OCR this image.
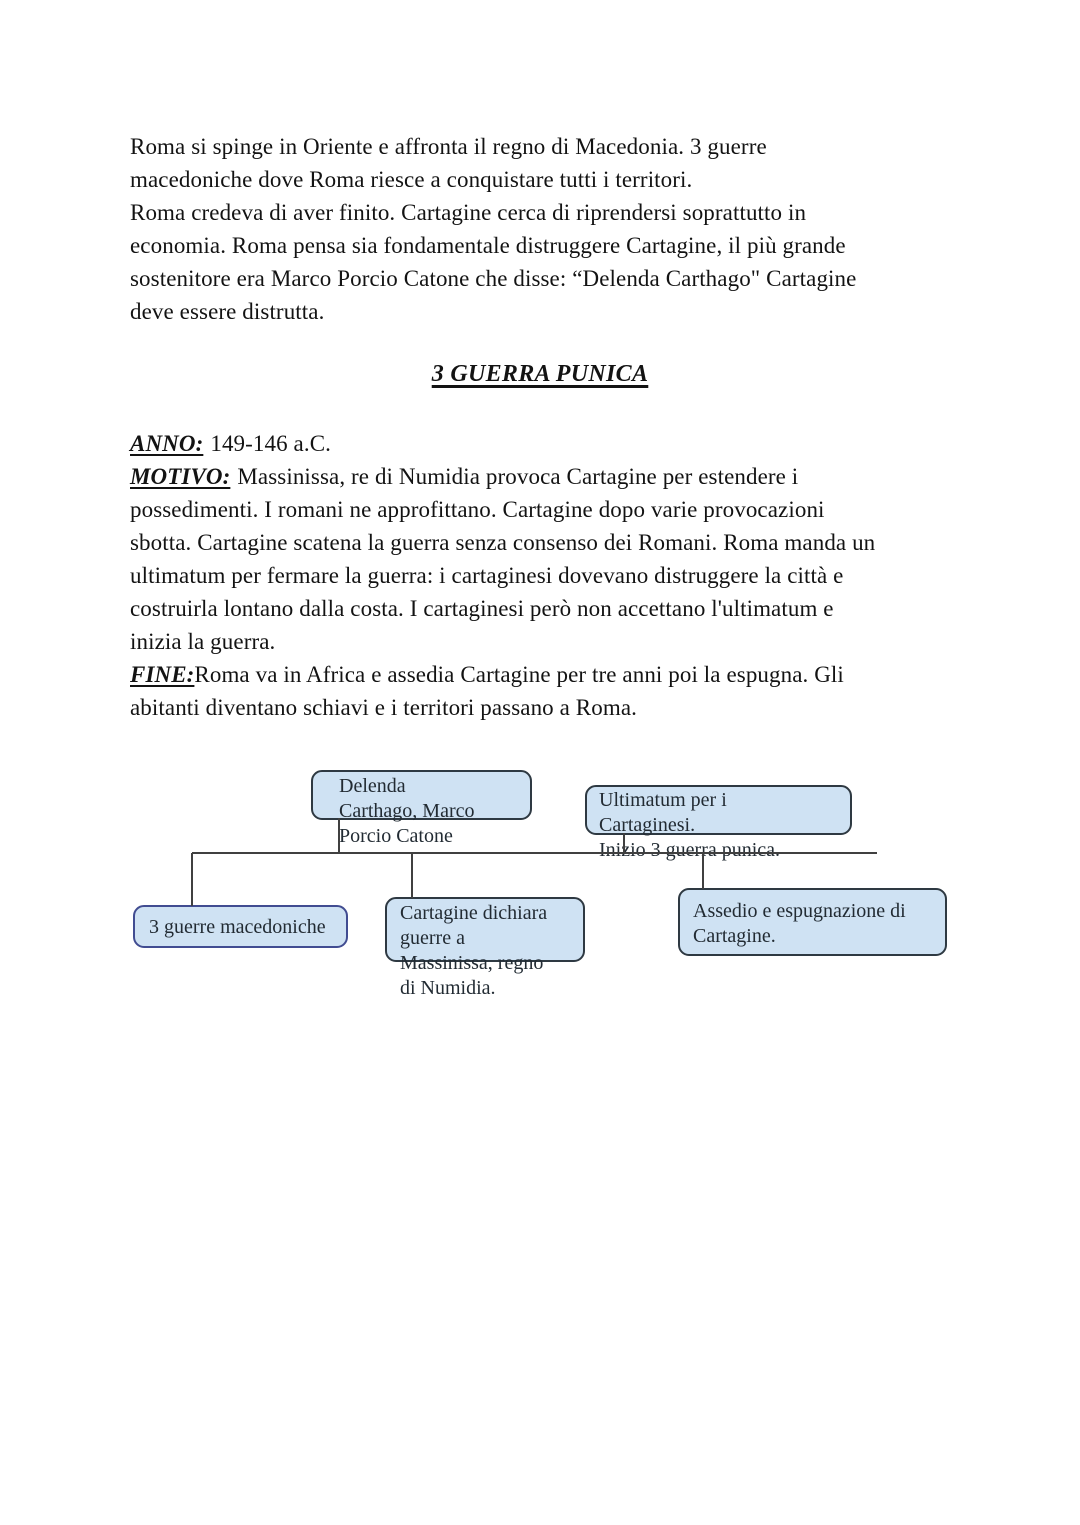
Roma si spinge in Oriente e affronta il regno di Macedonia. 3 guerre
macedoniche dove Roma riesce a conquistare tutti i territori.
Roma credeva di aver finito. Cartagine cerca di riprendersi soprattutto in
economia. Roma pensa sia fondamentale distruggere Cartagine, il più grande
sostenitore era Marco Porcio Catone che disse: “Delenda Carthago" Cartagine
deve essere distrutta.
3 GUERRA PUNICA
ANNO: 149-146 a.C.
MOTIVO: Massinissa, re di Numidia provoca Cartagine per estendere i
possedimenti. I romani ne approfittano. Cartagine dopo varie provocazioni
sbotta. Cartagine scatena la guerra senza consenso dei Romani. Roma manda un
ultimatum per fermare la guerra: i cartaginesi dovevano distruggere la città e
costruirla lontano dalla costa. I cartaginesi però non accettano l'ultimatum e
inizia la guerra.
FINE:Roma va in Africa e assedia Cartagine per tre anni poi la espugna. Gli
abitanti diventano schiavi e i territori passano a Roma.
Delenda
Carthago, Marco
Porcio Catone
Ultimatum per i
Cartaginesi.
Inizio 3 guerra punica.
3 guerre macedoniche
Cartagine dichiara
guerre a
Massinissa, regno
di Numidia.
Assedio e espugnazione di
Cartagine.
